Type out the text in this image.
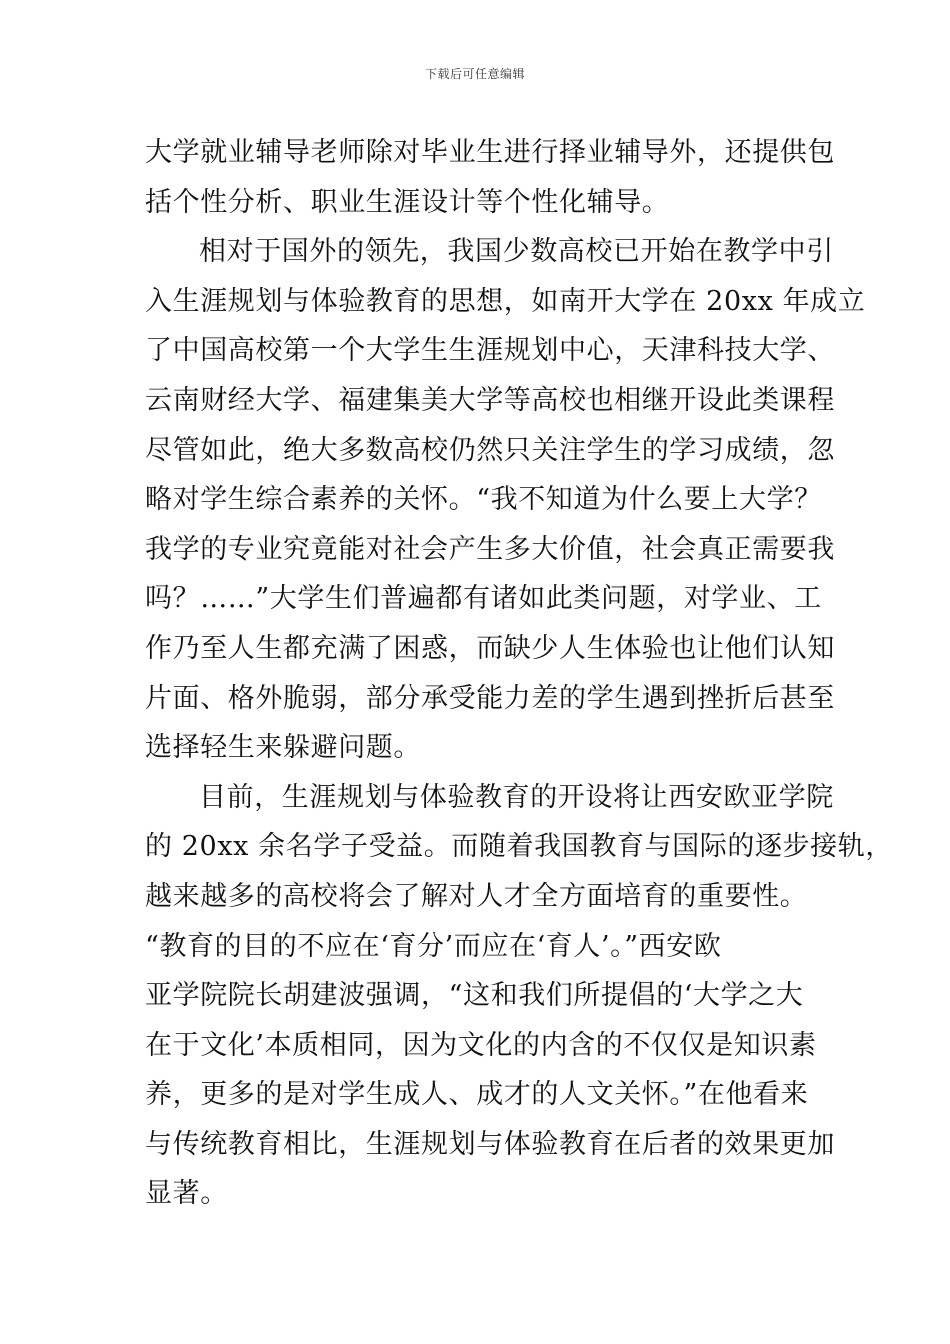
下载后可任意编辑
大学就业辅导老师除对毕业生进行择业辅导外，还提供包
括个性分析、职业生涯设计等个性化辅导。
相对于国外的领先，我国少数高校已开始在教学中引
入生涯规划与体验教育的思想，如南开大学在 20xx 年成立
了中国高校第一个大学生生涯规划中心，天津科技大学、
云南财经大学、福建集美大学等高校也相继开设此类课程
尽管如此，绝大多数高校仍然只关注学生的学习成绩，忽
略对学生综合素养的关怀。“我不知道为什么要上大学？
我学的专业究竟能对社会产生多大价值，社会真正需要我
吗？……”大学生们普遍都有诸如此类问题，对学业、工
作乃至人生都充满了困惑，而缺少人生体验也让他们认知
片面、格外脆弱，部分承受能力差的学生遇到挫折后甚至
选择轻生来躲避问题。
目前，生涯规划与体验教育的开设将让西安欧亚学院
的 20xx 余名学子受益。而随着我国教育与国际的逐步接轨，
越来越多的高校将会了解对人才全方面培育的重要性。
“教育的目的不应在‘育分’而应在‘育人’。”西安欧
亚学院院长胡建波强调，“这和我们所提倡的‘大学之大
在于文化’本质相同，因为文化的内含的不仅仅是知识素
养，更多的是对学生成人、成才的人文关怀。”在他看来
与传统教育相比，生涯规划与体验教育在后者的效果更加
显著。
